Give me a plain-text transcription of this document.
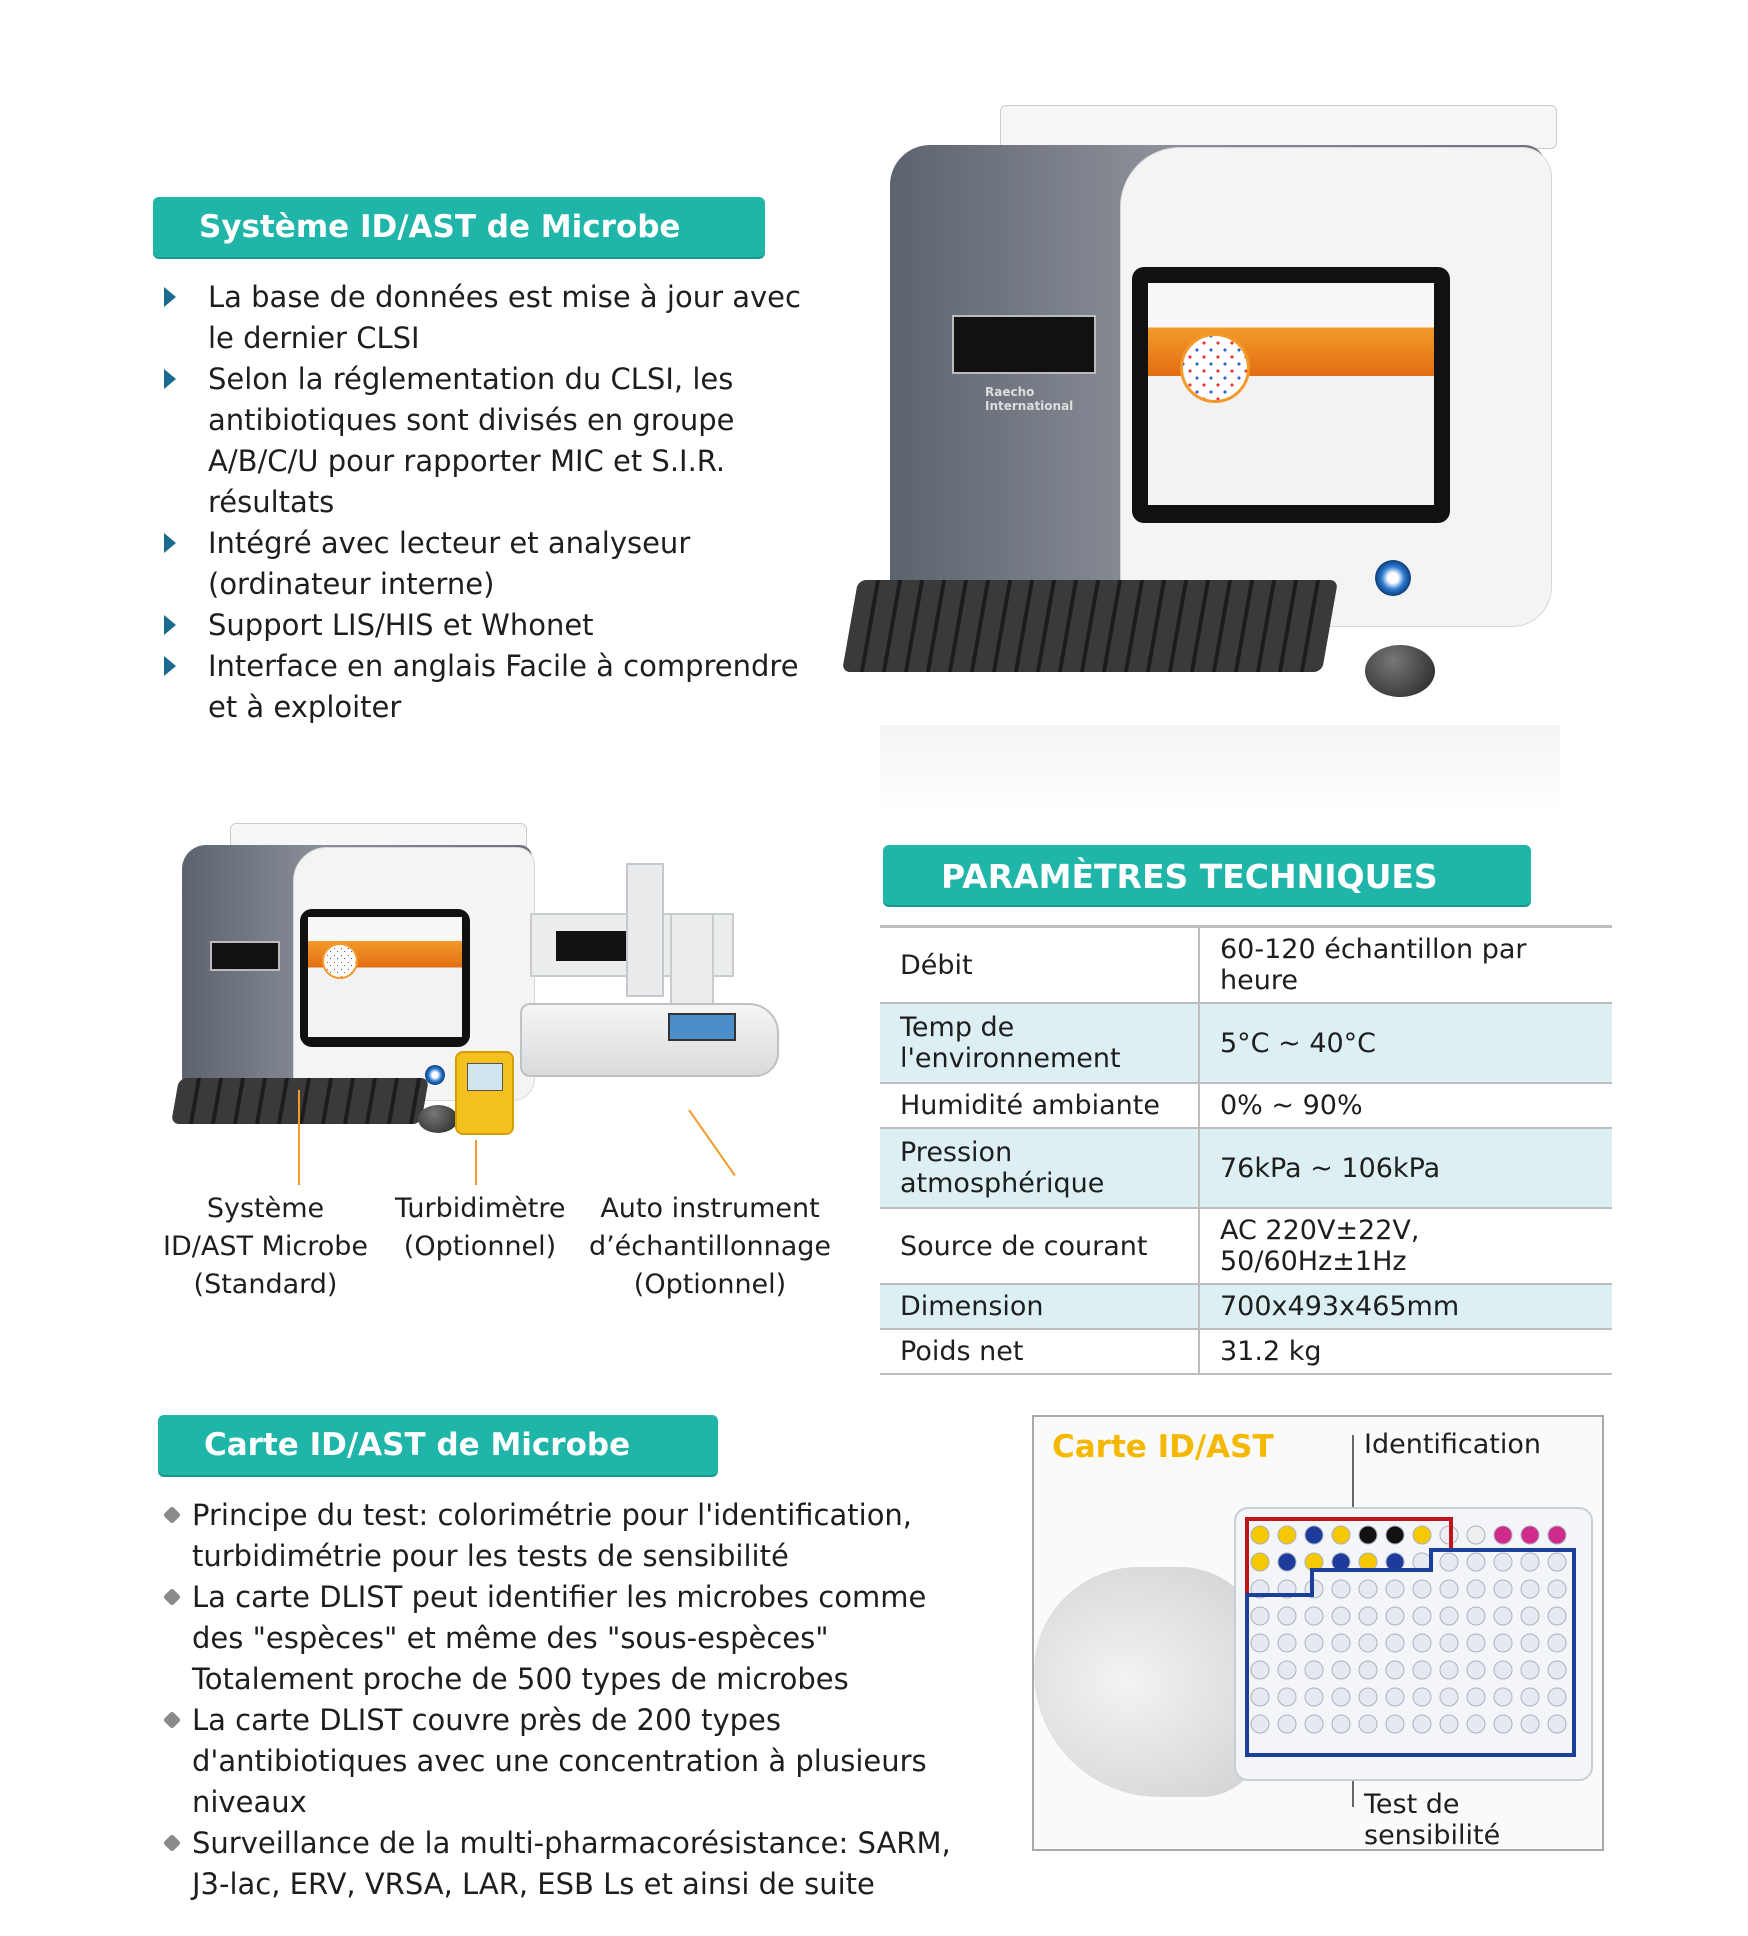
Système ID/AST de Microbe
La base de données est mise à jour avec le dernier CLSI
Selon la réglementation du CLSI, les antibiotiques sont divisés en groupe A/B/C/U pour rapporter MIC et S.I.R. résultats
Intégré avec lecteur et analyseur (ordinateur interne)
Support LIS/HIS et Whonet
Interface en anglais Facile à comprendre et à exploiter
Raecho International
Système ID/AST Microbe (Standard)
Turbidimètre (Optionnel)
Auto instrument d’échantillonnage (Optionnel)
PARAMÈTRES TECHNIQUES
Débit	60-120 échantillon par heure
Temp de l'environnement	5°C ~ 40°C
Humidité ambiante	0% ~ 90%
Pression atmosphérique	76kPa ~ 106kPa
Source de courant	AC 220V±22V, 50/60Hz±1Hz
Dimension	700x493x465mm
Poids net	31.2 kg
Carte ID/AST de Microbe
Principe du test: colorimétrie pour l'identification, turbidimétrie pour les tests de sensibilité
La carte DLIST peut identifier les microbes comme des "espèces" et même des "sous-espèces" Totalement proche de 500 types de microbes
La carte DLIST couvre près de 200 types d'antibiotiques avec une concentration à plusieurs niveaux
Surveillance de la multi-pharmacorésistance: SARM, J3-lac, ERV, VRSA, LAR, ESB Ls et ainsi de suite
Carte ID/AST	Identification
Test de sensibilité
